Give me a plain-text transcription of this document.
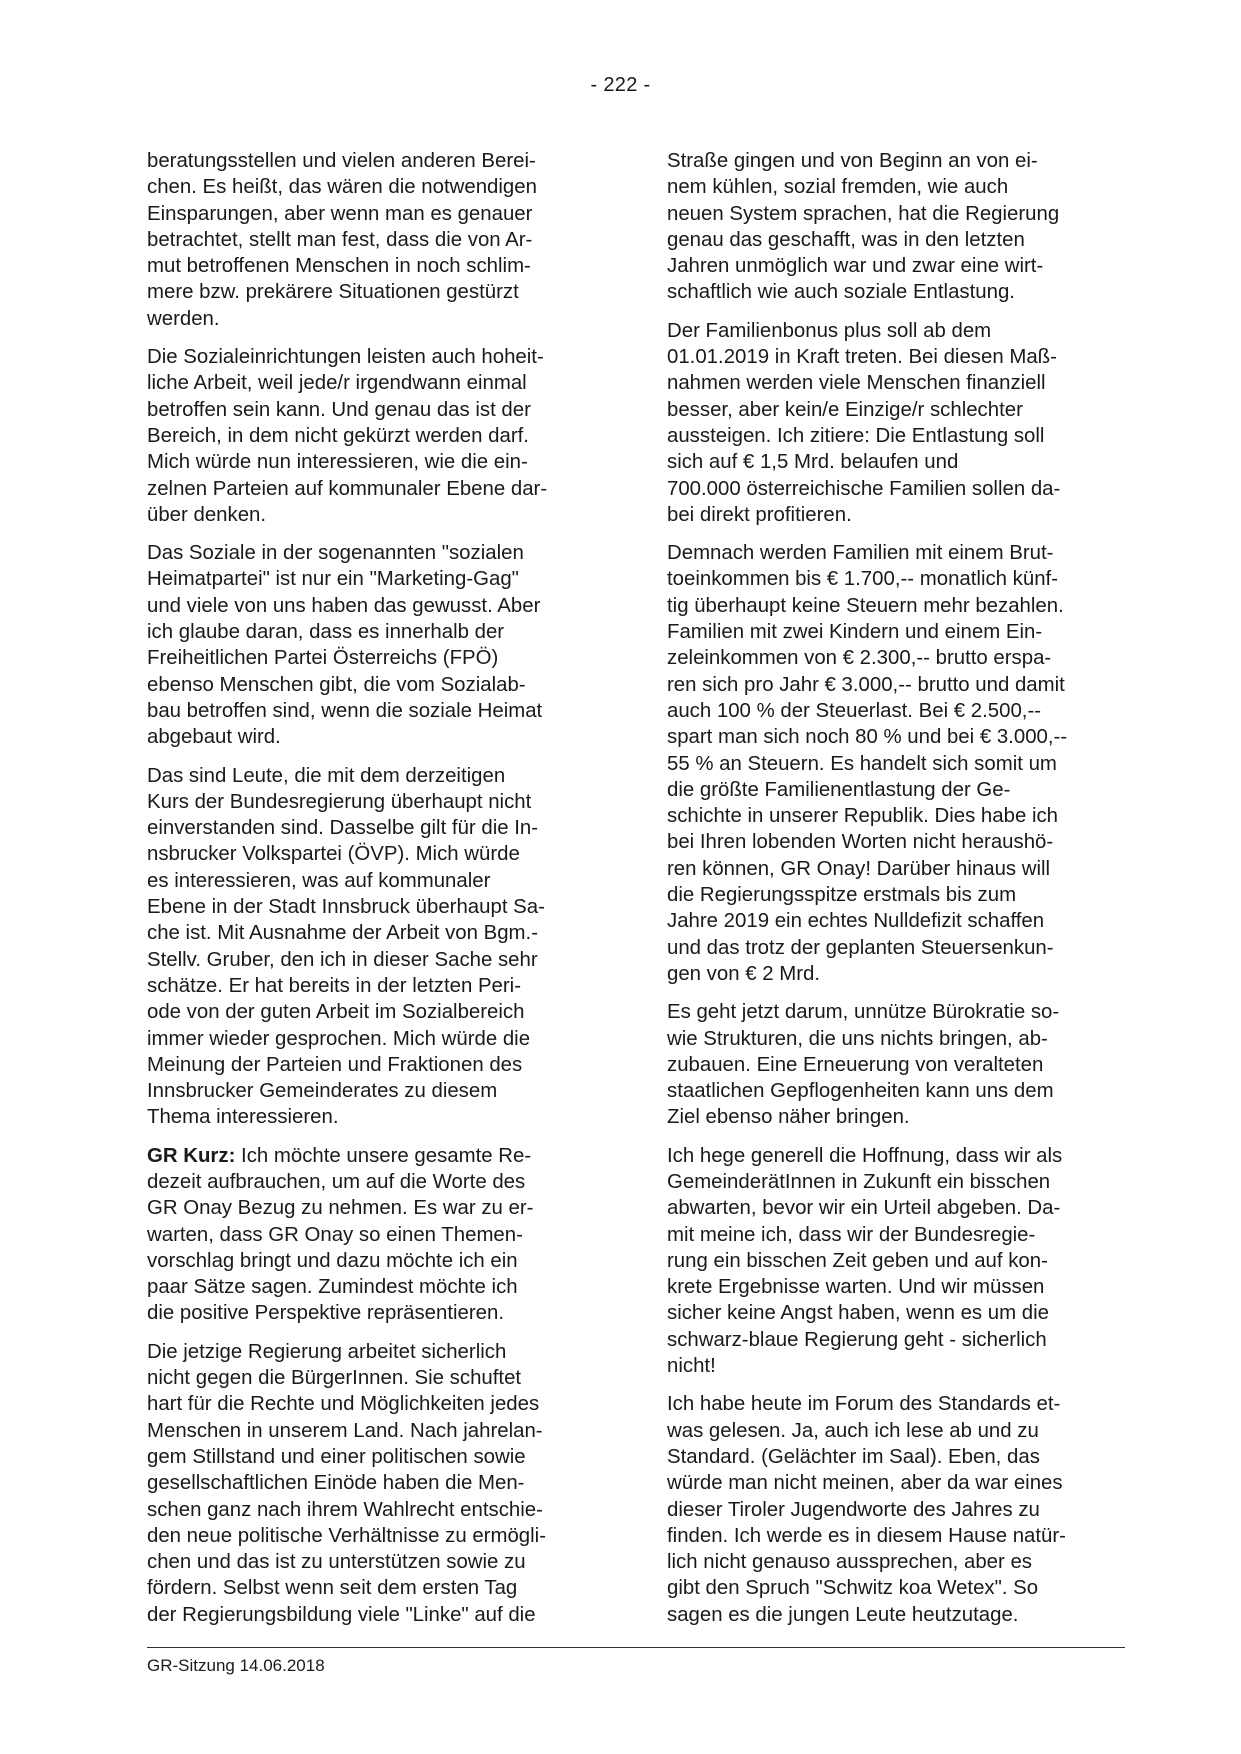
- 222 -

beratungsstellen und vielen anderen Berei-
chen. Es heißt, das wären die notwendigen
Einsparungen, aber wenn man es genauer
betrachtet, stellt man fest, dass die von Ar-
mut betroffenen Menschen in noch schlim-
mere bzw. prekärere Situationen gestürzt
werden.

Die Sozialeinrichtungen leisten auch hoheit-
liche Arbeit, weil jede/r irgendwann einmal
betroffen sein kann. Und genau das ist der
Bereich, in dem nicht gekürzt werden darf.
Mich würde nun interessieren, wie die ein-
zelnen Parteien auf kommunaler Ebene dar-
über denken.

Das Soziale in der sogenannten "sozialen
Heimatpartei" ist nur ein "Marketing-Gag"
und viele von uns haben das gewusst. Aber
ich glaube daran, dass es innerhalb der
Freiheitlichen Partei Österreichs (FPÖ)
ebenso Menschen gibt, die vom Sozialab-
bau betroffen sind, wenn die soziale Heimat
abgebaut wird.

Das sind Leute, die mit dem derzeitigen
Kurs der Bundesregierung überhaupt nicht
einverstanden sind. Dasselbe gilt für die In-
nsbrucker Volkspartei (ÖVP). Mich würde
es interessieren, was auf kommunaler
Ebene in der Stadt Innsbruck überhaupt Sa-
che ist. Mit Ausnahme der Arbeit von Bgm.-
Stellv. Gruber, den ich in dieser Sache sehr
schätze. Er hat bereits in der letzten Peri-
ode von der guten Arbeit im Sozialbereich
immer wieder gesprochen. Mich würde die
Meinung der Parteien und Fraktionen des
Innsbrucker Gemeinderates zu diesem
Thema interessieren.

GR Kurz: Ich möchte unsere gesamte Re-
dezeit aufbrauchen, um auf die Worte des
GR Onay Bezug zu nehmen. Es war zu er-
warten, dass GR Onay so einen Themen-
vorschlag bringt und dazu möchte ich ein
paar Sätze sagen. Zumindest möchte ich
die positive Perspektive repräsentieren.

Die jetzige Regierung arbeitet sicherlich
nicht gegen die BürgerInnen. Sie schuftet
hart für die Rechte und Möglichkeiten jedes
Menschen in unserem Land. Nach jahrelan-
gem Stillstand und einer politischen sowie
gesellschaftlichen Einöde haben die Men-
schen ganz nach ihrem Wahlrecht entschie-
den neue politische Verhältnisse zu ermögli-
chen und das ist zu unterstützen sowie zu
fördern. Selbst wenn seit dem ersten Tag
der Regierungsbildung viele "Linke" auf die

Straße gingen und von Beginn an von ei-
nem kühlen, sozial fremden, wie auch
neuen System sprachen, hat die Regierung
genau das geschafft, was in den letzten
Jahren unmöglich war und zwar eine wirt-
schaftlich wie auch soziale Entlastung.

Der Familienbonus plus soll ab dem
01.01.2019 in Kraft treten. Bei diesen Maß-
nahmen werden viele Menschen finanziell
besser, aber kein/e Einzige/r schlechter
aussteigen. Ich zitiere: Die Entlastung soll
sich auf € 1,5 Mrd. belaufen und
700.000 österreichische Familien sollen da-
bei direkt profitieren.

Demnach werden Familien mit einem Brut-
toeinkommen bis € 1.700,-- monatlich künf-
tig überhaupt keine Steuern mehr bezahlen.
Familien mit zwei Kindern und einem Ein-
zeleinkommen von € 2.300,-- brutto erspa-
ren sich pro Jahr € 3.000,-- brutto und damit
auch 100 % der Steuerlast. Bei € 2.500,--
spart man sich noch 80 % und bei € 3.000,--
55 % an Steuern. Es handelt sich somit um
die größte Familienentlastung der Ge-
schichte in unserer Republik. Dies habe ich
bei Ihren lobenden Worten nicht heraushö-
ren können, GR Onay! Darüber hinaus will
die Regierungsspitze erstmals bis zum
Jahre 2019 ein echtes Nulldefizit schaffen
und das trotz der geplanten Steuersenkun-
gen von € 2 Mrd.

Es geht jetzt darum, unnütze Bürokratie so-
wie Strukturen, die uns nichts bringen, ab-
zubauen. Eine Erneuerung von veralteten
staatlichen Gepflogenheiten kann uns dem
Ziel ebenso näher bringen.

Ich hege generell die Hoffnung, dass wir als
GemeinderätInnen in Zukunft ein bisschen
abwarten, bevor wir ein Urteil abgeben. Da-
mit meine ich, dass wir der Bundesregie-
rung ein bisschen Zeit geben und auf kon-
krete Ergebnisse warten. Und wir müssen
sicher keine Angst haben, wenn es um die
schwarz-blaue Regierung geht - sicherlich
nicht!

Ich habe heute im Forum des Standards et-
was gelesen. Ja, auch ich lese ab und zu
Standard. (Gelächter im Saal). Eben, das
würde man nicht meinen, aber da war eines
dieser Tiroler Jugendworte des Jahres zu
finden. Ich werde es in diesem Hause natür-
lich nicht genauso aussprechen, aber es
gibt den Spruch "Schwitz koa Wetex". So
sagen es die jungen Leute heutzutage.

GR-Sitzung 14.06.2018
